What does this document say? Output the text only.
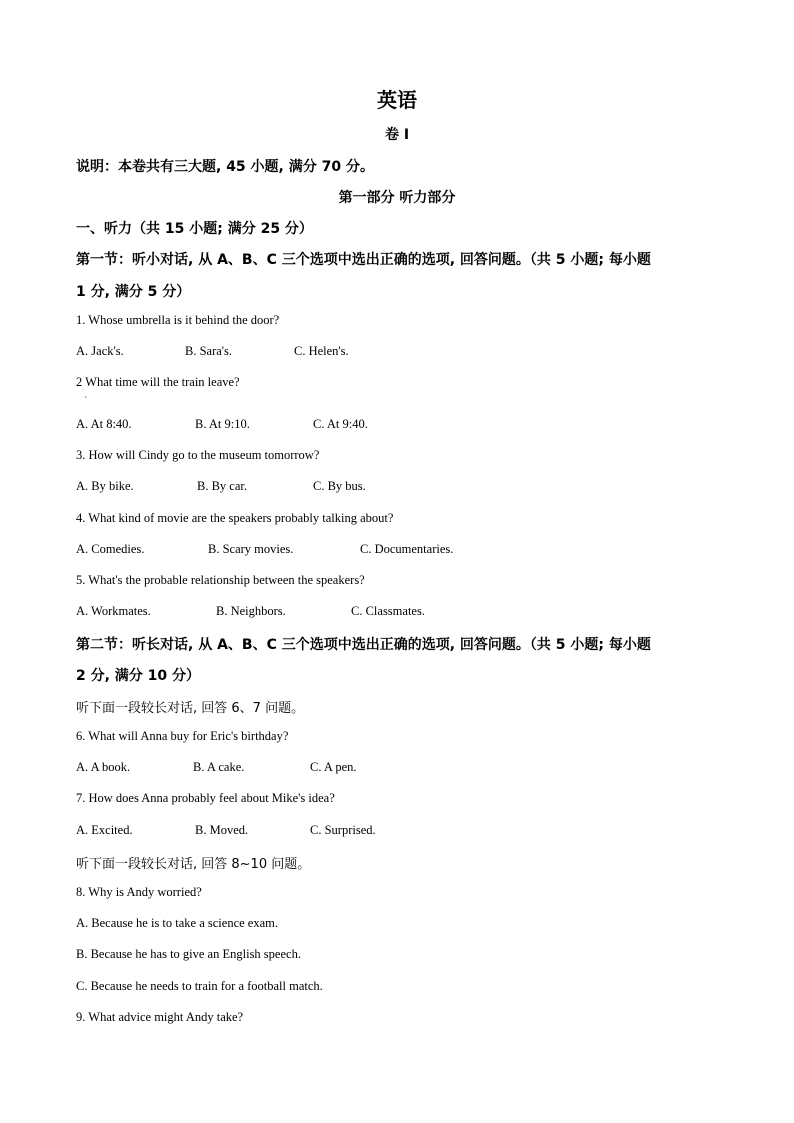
英语
卷 I
说明：本卷共有三大题, 45 小题, 满分 70 分。
第一部分 听力部分
一、听力（共 15 小题; 满分 25 分）
第一节：听小对话, 从 A、B、C 三个选项中选出正确的选项, 回答问题。（共 5 小题; 每小题
1 分, 满分 5 分）
1. Whose umbrella is it behind the door?
A. Jack's.	B. Sara's.	C. Helen's.
2 What time will the train leave?
ˋ
A. At 8:40.	B. At 9:10.	C. At 9:40.
3. How will Cindy go to the museum tomorrow?
A. By bike.	B. By car.	C. By bus.
4. What kind of movie are the speakers probably talking about?
A. Comedies.	B. Scary movies.	C. Documentaries.
5. What's the probable relationship between the speakers?
A. Workmates.	B. Neighbors.	C. Classmates.
第二节：听长对话, 从 A、B、C 三个选项中选出正确的选项, 回答问题。（共 5 小题; 每小题
2 分, 满分 10 分）
听下面一段较长对话, 回答 6、7 问题。
6. What will Anna buy for Eric's birthday?
A. A book.	B. A cake.	C. A pen.
7. How does Anna probably feel about Mike's idea?
A. Excited.	B. Moved.	C. Surprised.
听下面一段较长对话, 回答 8~10 问题。
8. Why is Andy worried?
A. Because he is to take a science exam.
B. Because he has to give an English speech.
C. Because he needs to train for a football match.
9. What advice might Andy take?
